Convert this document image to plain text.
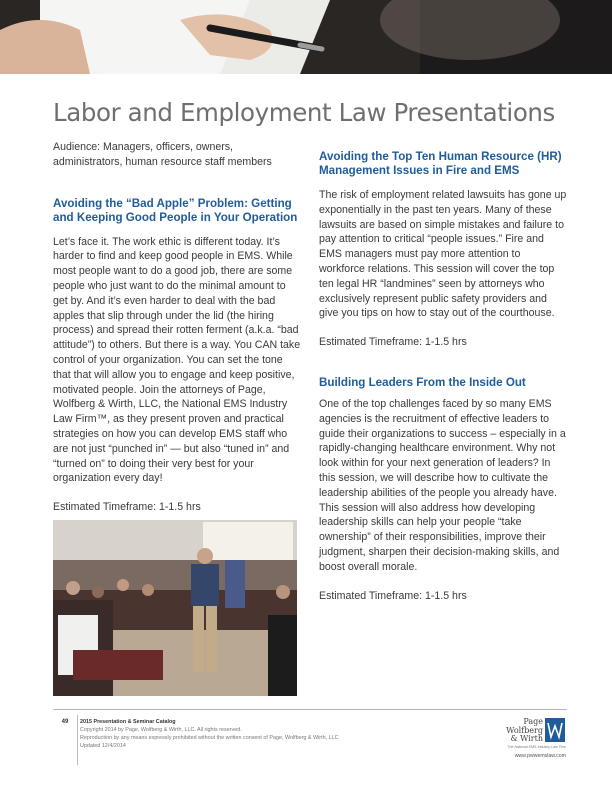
Labor and Employment Law Presentations
Audience: Managers, officers, owners, administrators, human resource staff members
Avoiding the “Bad Apple” Problem: Getting and Keeping Good People in Your Operation
Let’s face it. The work ethic is different today. It’s harder to find and keep good people in EMS. While most people want to do a good job, there are some people who just want to do the minimal amount to get by. And it’s even harder to deal with the bad apples that slip through under the lid (the hiring process) and spread their rotten ferment (a.k.a. “bad attitude”) to others. But there is a way. You CAN take control of your organization. You can set the tone that that will allow you to engage and keep positive, motivated people. Join the attorneys of Page, Wolfberg & Wirth, LLC, the National EMS Industry Law Firm™, as they present proven and practical strategies on how you can develop EMS staff who are not just “punched in” — but also “tuned in” and “turned on” to doing their very best for your organization every day!
Estimated Timeframe: 1-1.5 hrs
Avoiding the Top Ten Human Resource (HR) Management Issues in Fire and EMS
The risk of employment related lawsuits has gone up exponentially in the past ten years. Many of these lawsuits are based on simple mistakes and failure to pay attention to critical “people issues.” Fire and EMS managers must pay more attention to workforce relations. This session will cover the top ten legal HR “landmines” seen by attorneys who exclusively represent public safety providers and give you tips on how to stay out of the courthouse.
Estimated Timeframe: 1-1.5 hrs
Building Leaders From the Inside Out
One of the top challenges faced by so many EMS agencies is the recruitment of effective leaders to guide their organizations to success – especially in a rapidly-changing healthcare environment. Why not look within for your next generation of leaders? In this session, we will describe how to cultivate the leadership abilities of the people you already have. This session will also address how developing leadership skills can help your people “take ownership” of their responsibilities, improve their judgment, sharpen their decision-making skills, and boost overall morale.
Estimated Timeframe: 1-1.5 hrs
49	2015 Presentation & Seminar Catalog
Copyright 2014 by Page, Wolfberg & Wirth, LLC. All rights reserved.
Reproduction by any means expressly prohibited without the written consent of Page, Wolfberg & Wirth, LLC
Updated 12/4/2014
Page
Wolfberg
& Wirth
The National EMS Industry Law Firm
www.pwwemslaw.com
